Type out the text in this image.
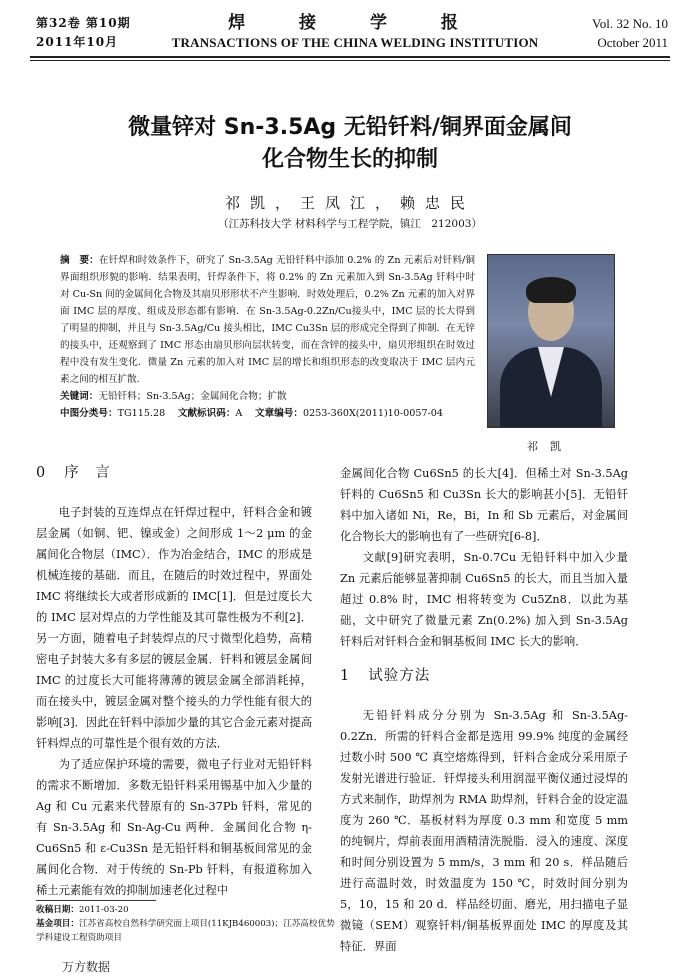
第32卷 第10期
2011年10月
焊 接 学 报
TRANSACTIONS OF THE CHINA WELDING INSTITUTION
Vol. 32 No. 10
October 2011
微量锌对 Sn-3.5Ag 无铅钎料/铜界面金属间
化合物生长的抑制
祁凯，王凤江，赖忠民
（江苏科技大学 材料科学与工程学院，镇江　212003）
摘　要：在钎焊和时效条件下，研究了 Sn-3.5Ag 无铅钎料中添加 0.2% 的 Zn 元素后对钎料/铜界面组织形貌的影响．结果表明，钎焊条件下，将 0.2% 的 Zn 元素加入到 Sn-3.5Ag 钎料中时对 Cu-Sn 间的金属间化合物及其扇贝形形状不产生影响．时效处理后，0.2% Zn 元素的加入对界面 IMC 层的厚度、组成及形态都有影响．在 Sn-3.5Ag-0.2Zn/Cu接头中，IMC 层的长大得到了明显的抑制，并且与 Sn-3.5Ag/Cu 接头相比，IMC Cu3Sn 层的形成完全得到了抑制．在无锌的接头中，还观察到了 IMC 形态由扇贝形向层状转变，而在含锌的接头中，扇贝形组织在时效过程中没有发生变化．微量 Zn 元素的加入对 IMC 层的增长和组织形态的改变取决于 IMC 层内元素之间的相互扩散．
关键词：无铅钎料；Sn-3.5Ag；金属间化合物；扩散
中图分类号：TG115.28  文献标识码：A  文章编号：0253-360X(2011)10-0057-04
祁凯
0 序　言

电子封装的互连焊点在钎焊过程中，钎料合金和镀层金属（如铜、钯、镍或金）之间形成 1～2 μm 的金属间化合物层（IMC）．作为冶金结合，IMC 的形成是机械连接的基础．而且，在随后的时效过程中，界面处 IMC 将继续长大或者形成新的 IMC[1]．但是过度长大的 IMC 层对焊点的力学性能及其可靠性极为不利[2]．另一方面，随着电子封装焊点的尺寸微型化趋势，高精密电子封装大多有多层的镀层金属．钎料和镀层金属间 IMC 的过度长大可能将薄薄的镀层金属全部消耗掉，而在接头中，镀层金属对整个接头的力学性能有很大的影响[3]．因此在钎料中添加少量的其它合金元素对提高钎料焊点的可靠性是个很有效的方法．

为了适应保护环境的需要，微电子行业对无铅钎料的需求不断增加．多数无铅钎料采用锡基中加入少量的 Ag 和 Cu 元素来代替原有的 Sn-37Pb 钎料，常见的有 Sn-3.5Ag 和 Sn-Ag-Cu 两种．金属间化合物 η-Cu6Sn5 和 ε-Cu3Sn 是无铅钎料和铜基板间常见的金属间化合物．对于传统的 Sn-Pb 钎料，有报道称加入稀土元素能有效的抑制加速老化过程中

金属间化合物 Cu6Sn5 的长大[4]．但稀土对 Sn-3.5Ag 钎料的 Cu6Sn5 和 Cu3Sn 长大的影响甚小[5]．无铅钎料中加入诸如 Ni，Re，Bi，In 和 Sb 元素后，对金属间化合物长大的影响也有了一些研究[6-8]．

文献[9]研究表明，Sn-0.7Cu 无铅钎料中加入少量 Zn 元素后能够显著抑制 Cu6Sn5 的长大，而且当加入量超过 0.8% 时，IMC 相将转变为 Cu5Zn8．以此为基础，文中研究了微量元素 Zn(0.2%) 加入到 Sn-3.5Ag 钎料后对钎料合金和铜基板间 IMC 长大的影响．

1 试验方法

无铅钎料成分分别为 Sn-3.5Ag 和 Sn-3.5Ag-0.2Zn．所需的钎料合金都是选用 99.9% 纯度的金属经过数小时 500 ℃ 真空熔炼得到，钎料合金成分采用原子发射光谱进行验证．钎焊接头利用润湿平衡仪通过浸焊的方式来制作，助焊剂为 RMA 助焊剂，钎料合金的设定温度为 260 ℃．基板材料为厚度 0.3 mm 和宽度 5 mm 的纯铜片，焊前表面用酒精清洗脱脂．浸入的速度、深度和时间分别设置为 5 mm/s，3 mm 和 20 s．样品随后进行高温时效，时效温度为 150 ℃，时效时间分别为 5，10，15 和 20 d．样品经切面、磨光，用扫描电子显微镜（SEM）观察钎料/铜基板界面处 IMC 的厚度及其特征．界面

收稿日期：2011-03-20
基金项目：江苏省高校自然科学研究面上项目(11KJB460003)；江苏高校优势学科建设工程资助项目
万方数据
